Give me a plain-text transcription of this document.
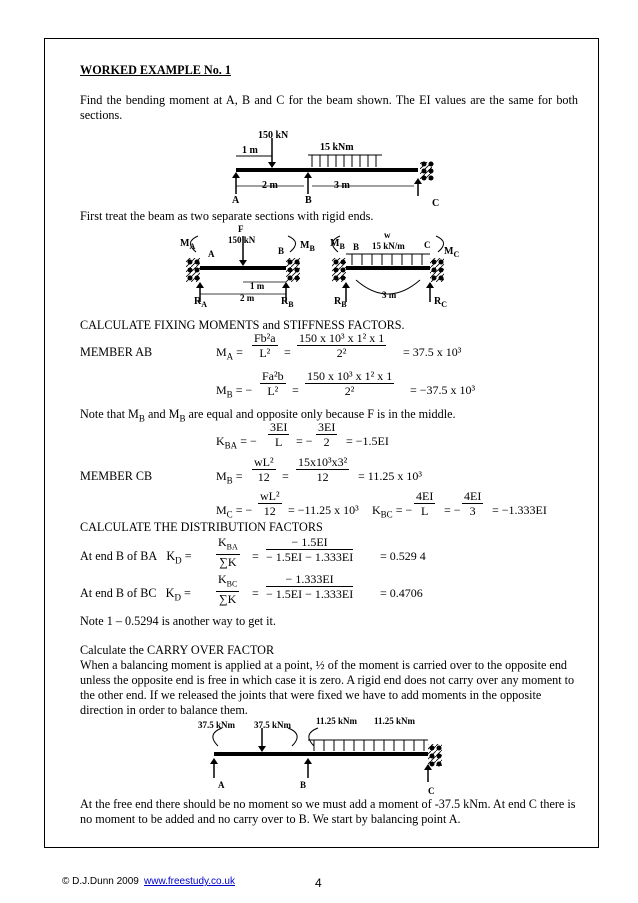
WORKED EXAMPLE No. 1
Find the bending moment at A, B and C for the beam shown. The EI values are the same for both sections.
150 kN
15 kNm
1 m
2 m	3 m
A	B	C
First treat the beam as two separate sections with rigid ends.
F
150 kN	w
15 kN/m
$M_A$
A	B $M_B$ $M_B$ B	C
$M_C$
1 m
2 m	3 m
$R_A$	$R_B$	$R_B$	$R_C$
CALCULATE FIXING MOMENTS and STIFFNESS FACTORS.
MEMBER AB	$M_A = \frac{\text{Fb²a}}{\text{L²}} = \frac{\text{150 x 10³ x 1² x 1}}{\text{2²}} = 37.5$ x 10³
$M_B$ = − $\frac{\text{Fa²b}}{\text{L²}} = \frac{\text{150 x 10³ x 1² x 1}}{\text{2²}} = -37.5$ x 10³
Note that $M_B$ and $M_B$ are equal and opposite only because F is in the middle.
$K_{BA}$ = − $\frac{3EI}{L}$ = − $\frac{3EI}{2} = -1.5EI$
MEMBER CB	$M_B = \frac{\text{wL²}}{12} = \frac{\text{15x10³x3²}}{12} = 11.25$ x 10³
$M_C$ = − $\frac{\text{wL²}}{12} = -11.25$ x 10³ $K_{BC}$ = − $\frac{4EI}{L}$ = − $\frac{4EI}{3} = -1.333EI$
CALCULATE THE DISTRIBUTION FACTORS
At end B of BA $K_D$ =
$K_{BA}$
$\sum K = \frac{- 1.5EI}{- 1.5EI - 1.333EI} = 0.529$ 4
At end B of BC $K_D$ =
$K_{BC}$
$\sum K = \frac{- 1.333EI}{- 1.5EI - 1.333EI} = 0.4706$
Note 1 – 0.5294 is another way to get it.
Calculate the CARRY OVER FACTOR
When a balancing moment is applied at a point, ½ of the moment is carried over to the opposite end unless the opposite end is free in which case it is zero. A rigid end does not carry over any moment to the other end. If we released the joints that were fixed we have to add moments in the opposite direction in order to balance them.
37.5 kNm 37.5 kNm	11.25 kNm 11.25 kNm
A	B
C
At the free end there should be no moment so we must add a moment of -37.5 kNm. At end C there is no moment to be added and no carry over to B. We start by balancing point A.
© D.J.Dunn 2009 www.freestudy.co.uk	4
